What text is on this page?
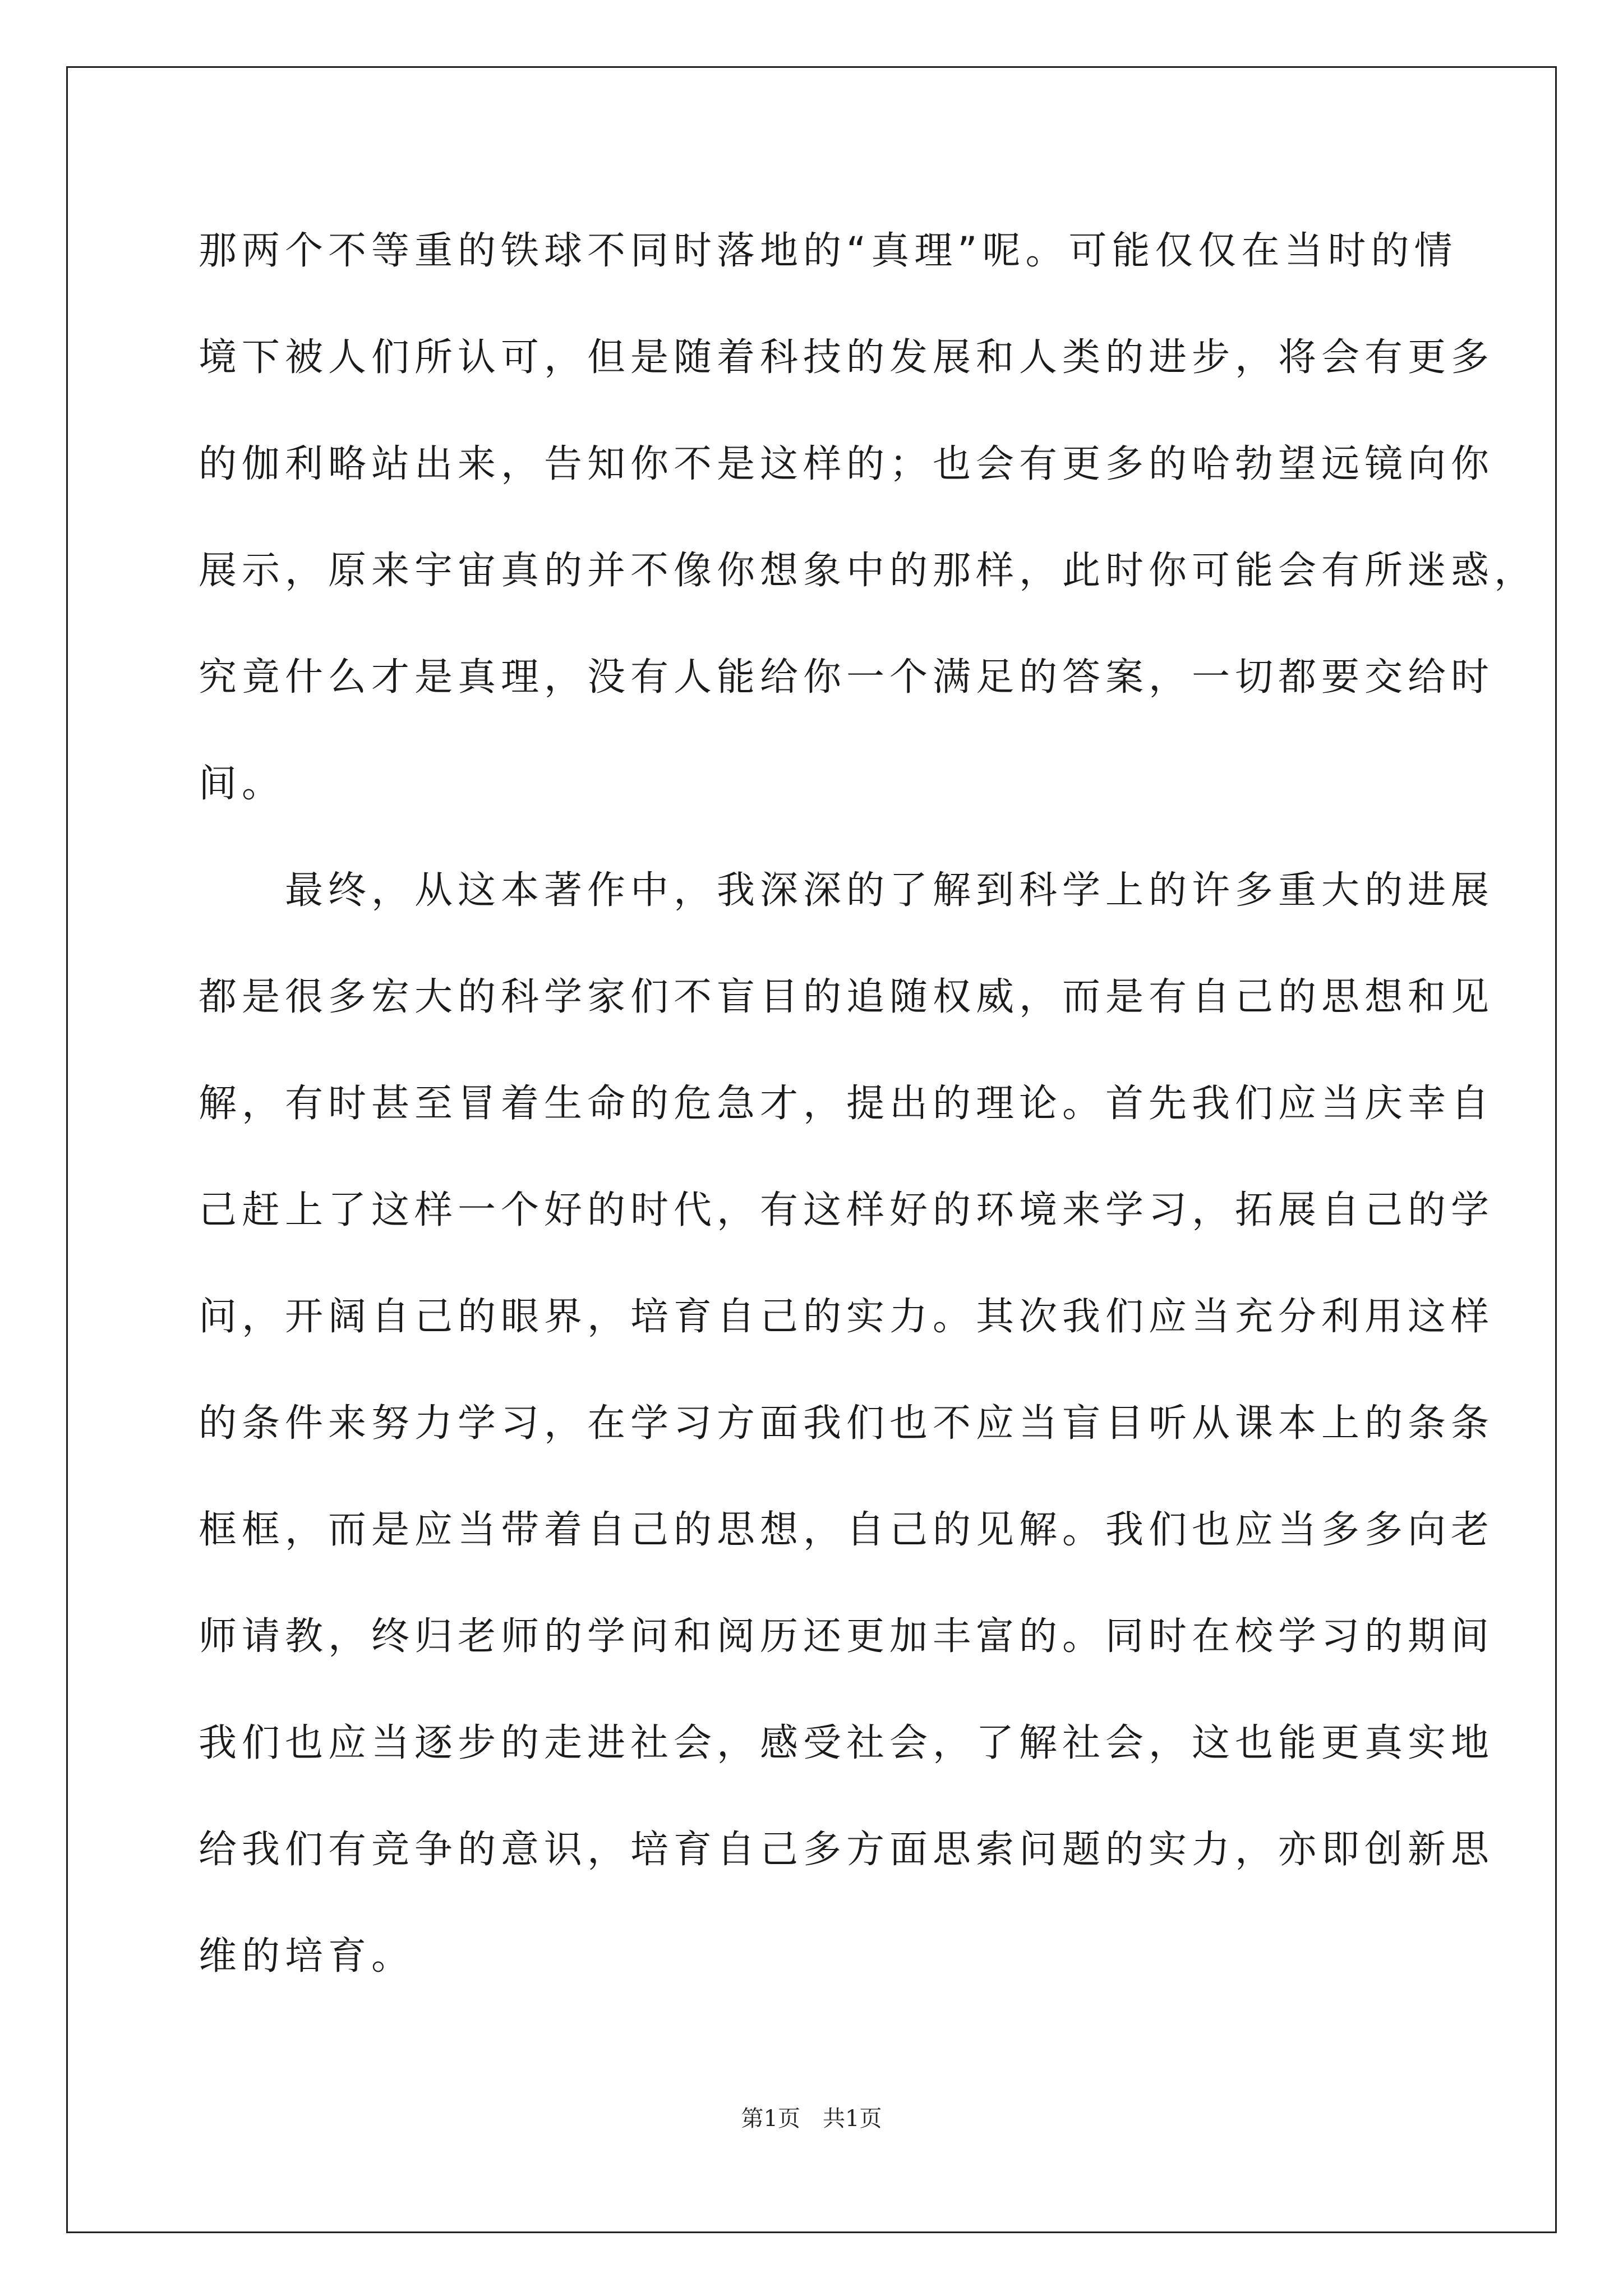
那两个不等重的铁球不同时落地的“真理”呢。可能仅仅在当时的情
境下被人们所认可，但是随着科技的发展和人类的进步，将会有更多
的伽利略站出来，告知你不是这样的；也会有更多的哈勃望远镜向你
展示，原来宇宙真的并不像你想象中的那样，此时你可能会有所迷惑，
究竟什么才是真理，没有人能给你一个满足的答案，一切都要交给时
间。
　　最终，从这本著作中，我深深的了解到科学上的许多重大的进展
都是很多宏大的科学家们不盲目的追随权威，而是有自己的思想和见
解，有时甚至冒着生命的危急才，提出的理论。首先我们应当庆幸自
己赶上了这样一个好的时代，有这样好的环境来学习，拓展自己的学
问，开阔自己的眼界，培育自己的实力。其次我们应当充分利用这样
的条件来努力学习，在学习方面我们也不应当盲目听从课本上的条条
框框，而是应当带着自己的思想，自己的见解。我们也应当多多向老
师请教，终归老师的学问和阅历还更加丰富的。同时在校学习的期间
我们也应当逐步的走进社会，感受社会，了解社会，这也能更真实地
给我们有竞争的意识，培育自己多方面思索问题的实力，亦即创新思
维的培育。
第1页　共1页
